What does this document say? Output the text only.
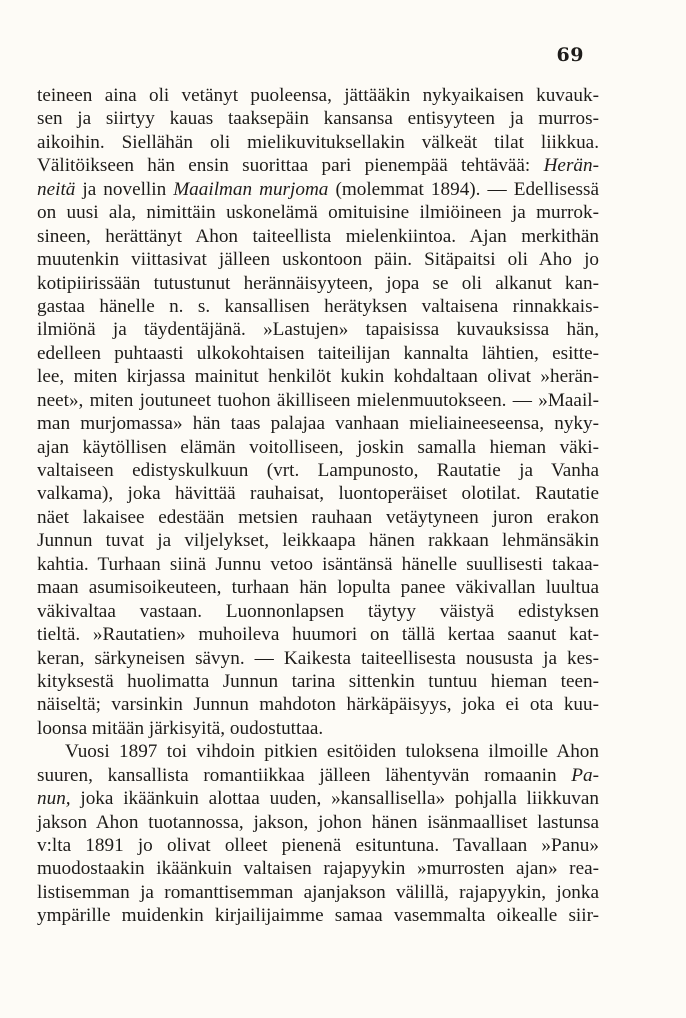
69
teineen aina oli vetänyt puoleensa, jättääkin nykyaikaisen kuvauk-
sen ja siirtyy kauas taaksepäin kansansa entisyyteen ja murros-
aikoihin. Siellähän oli mielikuvituksellakin välkeät tilat liikkua.
Välitöikseen hän ensin suorittaa pari pienempää tehtävää: Herän-
neitä ja novellin Maailman murjoma (molemmat 1894). — Edellisessä
on uusi ala, nimittäin uskonelämä omituisine ilmiöineen ja murrok-
sineen, herättänyt Ahon taiteellista mielenkiintoa. Ajan merkithän
muutenkin viittasivat jälleen uskontoon päin. Sitäpaitsi oli Aho jo
kotipiirissään tutustunut herännäisyyteen, jopa se oli alkanut kan-
gastaa hänelle n. s. kansallisen herätyksen valtaisena rinnakkais-
ilmiönä ja täydentäjänä. »Lastujen» tapaisissa kuvauksissa hän,
edelleen puhtaasti ulkokohtaisen taiteilijan kannalta lähtien, esitte-
lee, miten kirjassa mainitut henkilöt kukin kohdaltaan olivat »herän-
neet», miten joutuneet tuohon äkilliseen mielenmuutokseen. — »Maail-
man murjomassa» hän taas palajaa vanhaan mieliaineeseensa, nyky-
ajan käytöllisen elämän voitolliseen, joskin samalla hieman väki-
valtaiseen edistyskulkuun (vrt. Lampunosto, Rautatie ja Vanha
valkama), joka hävittää rauhaisat, luontoperäiset olotilat. Rautatie
näet lakaisee edestään metsien rauhaan vetäytyneen juron erakon
Junnun tuvat ja viljelykset, leikkaapa hänen rakkaan lehmänsäkin
kahtia. Turhaan siinä Junnu vetoo isäntänsä hänelle suullisesti takaa-
maan asumisoikeuteen, turhaan hän lopulta panee väkivallan luultua
väkivaltaa vastaan. Luonnonlapsen täytyy väistyä edistyksen
tieltä. »Rautatien» muhoileva huumori on tällä kertaa saanut kat-
keran, särkyneisen sävyn. — Kaikesta taiteellisesta noususta ja kes-
kityksestä huolimatta Junnun tarina sittenkin tuntuu hieman teen-
näiseltä; varsinkin Junnun mahdoton härkäpäisyys, joka ei ota kuu-
loonsa mitään järkisyitä, oudostuttaa.
Vuosi 1897 toi vihdoin pitkien esitöiden tuloksena ilmoille Ahon
suuren, kansallista romantiikkaa jälleen lähentyvän romaanin Pa-
nun, joka ikäänkuin alottaa uuden, »kansallisella» pohjalla liikkuvan
jakson Ahon tuotannossa, jakson, johon hänen isänmaalliset lastunsa
v:lta 1891 jo olivat olleet pienenä esituntuna. Tavallaan »Panu»
muodostaakin ikäänkuin valtaisen rajapyykin »murrosten ajan» rea-
listisemman ja romanttisemman ajanjakson välillä, rajapyykin, jonka
ympärille muidenkin kirjailijaimme samaa vasemmalta oikealle siir-
